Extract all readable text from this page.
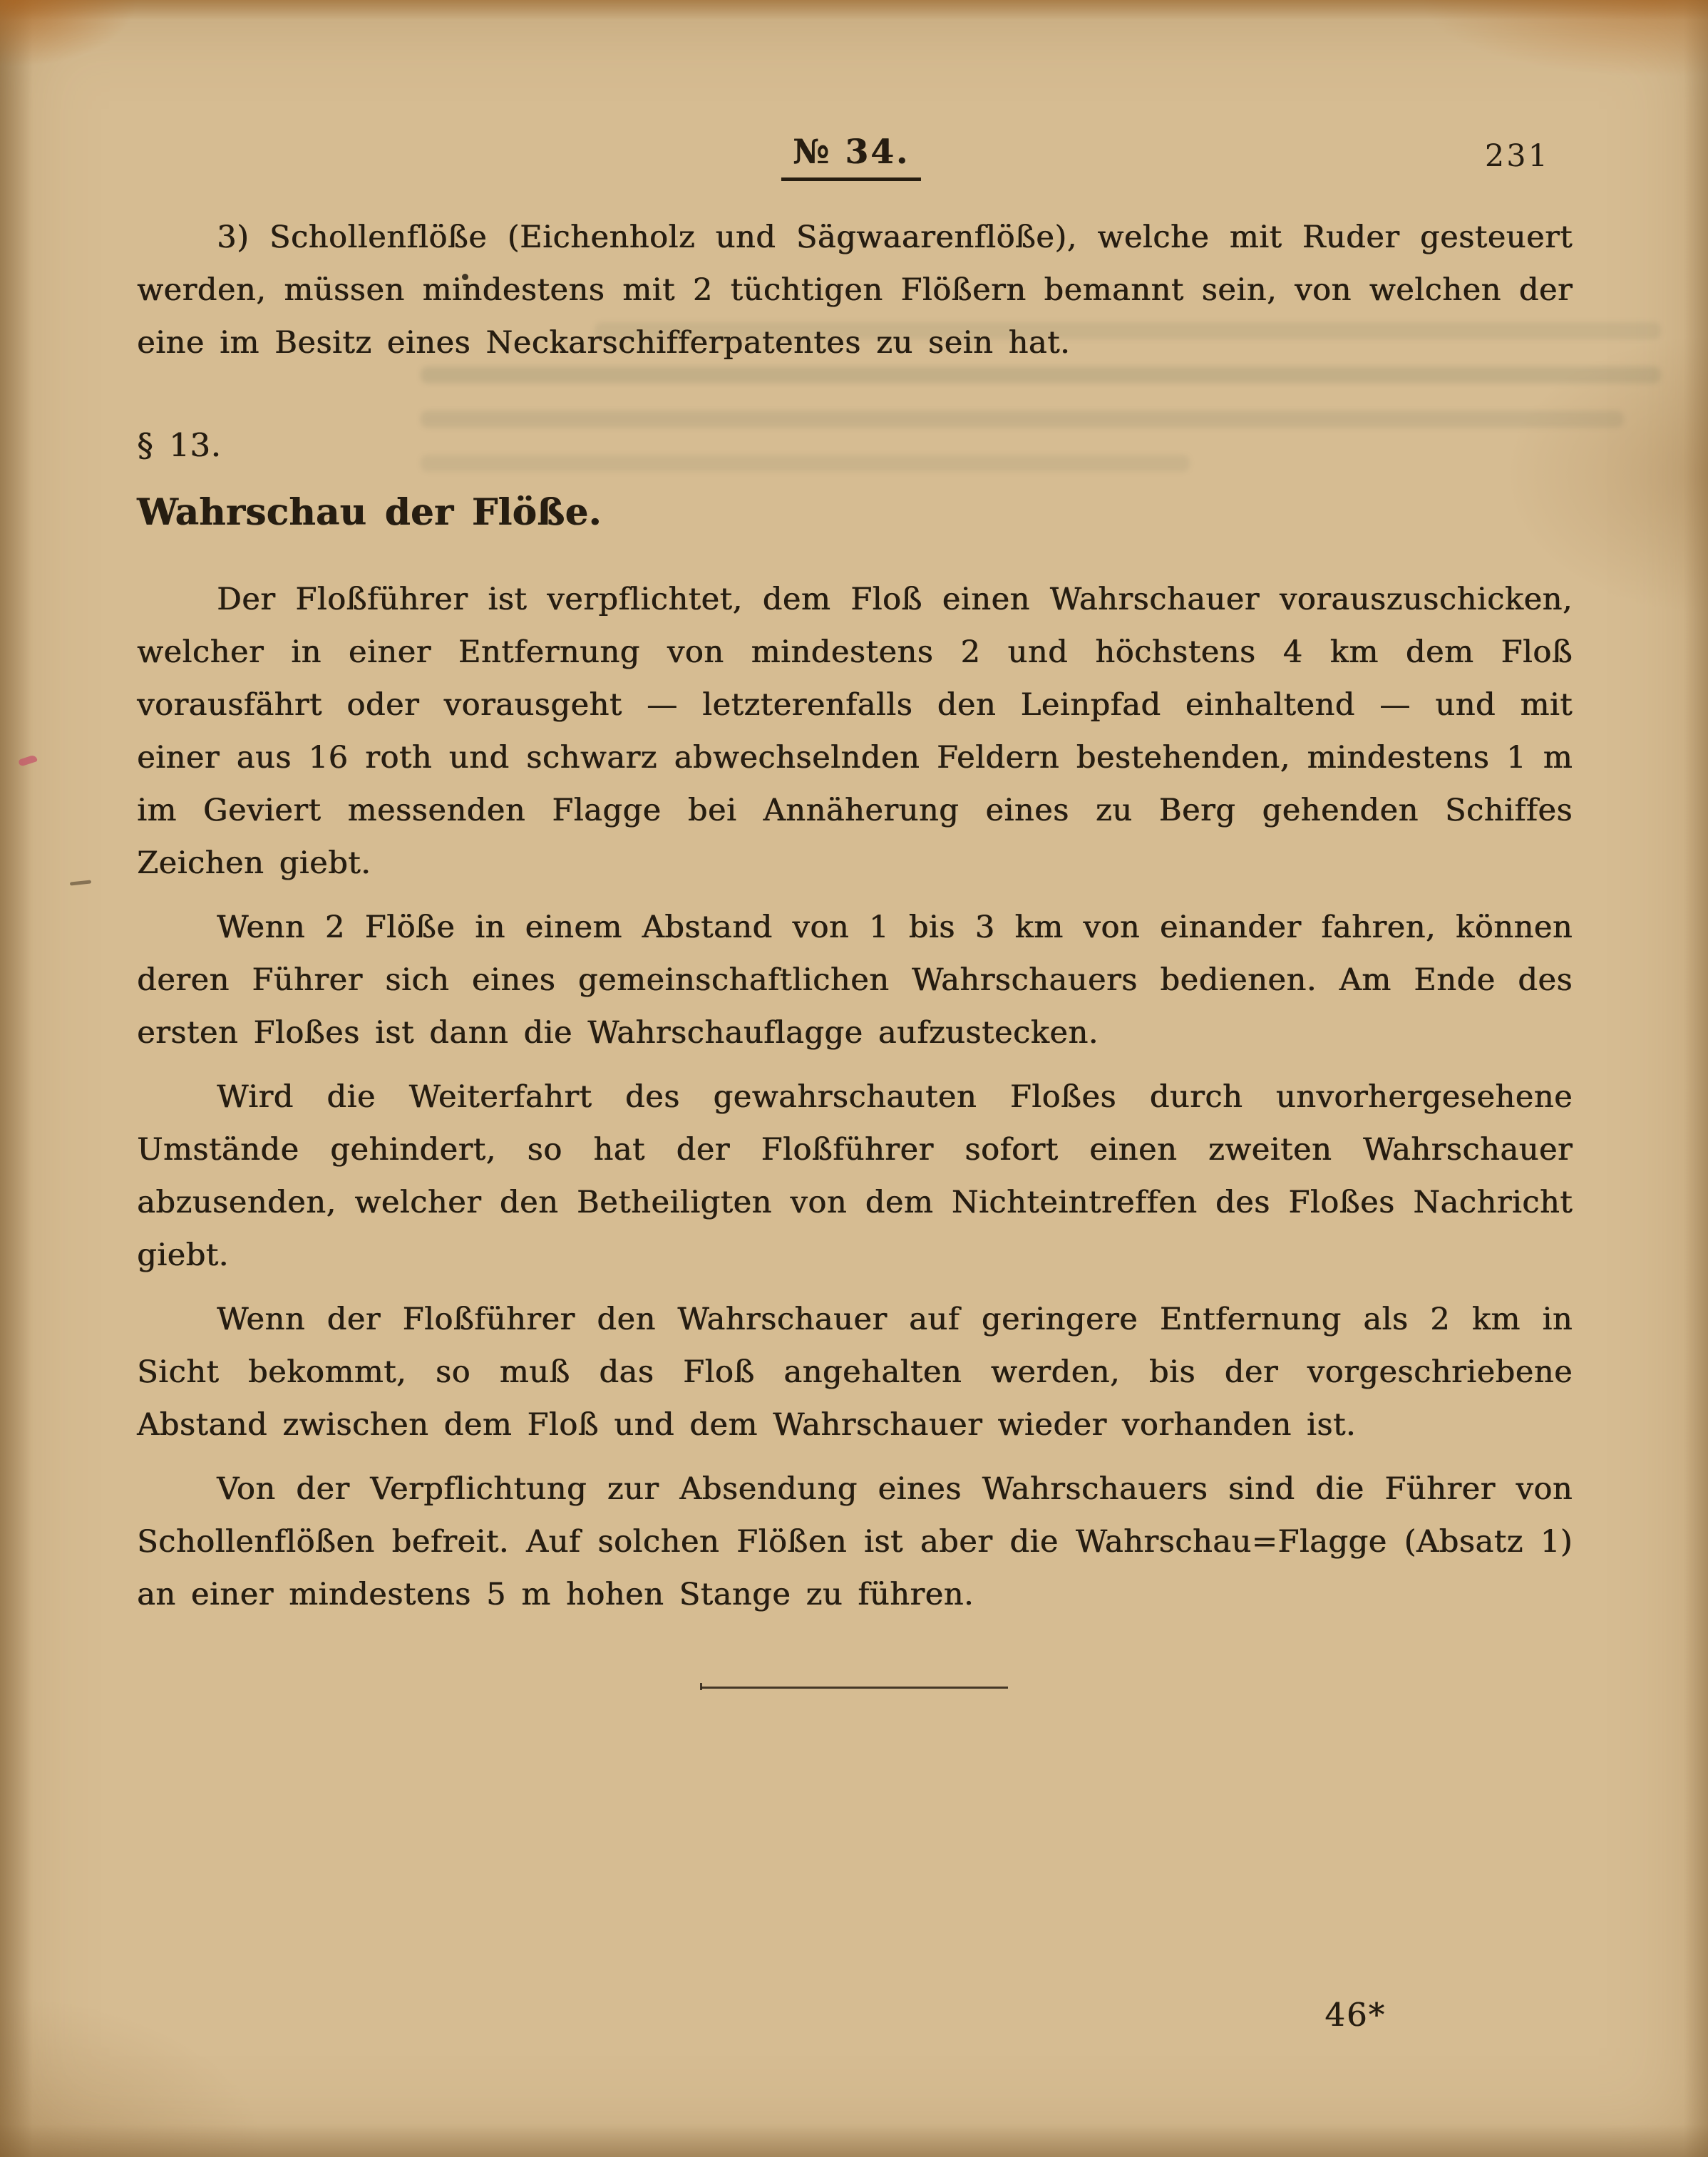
№ 34.	231

3) Schollenflöße (Eichenholz und Sägwaarenflöße), welche mit Ruder gesteuert werden, müssen mindestens mit 2 tüchtigen Flößern bemannt sein, von welchen der eine im Besitz eines Neckarschifferpatentes zu sein hat.

§ 13.

Wahrschau der Flöße.

Der Floßführer ist verpflichtet, dem Floß einen Wahrschauer vorauszuschicken, welcher in einer Entfernung von mindestens 2 und höchstens 4 km dem Floß vorausfährt oder vorausgeht — letzterenfalls den Leinpfad einhaltend — und mit einer aus 16 roth und schwarz abwechselnden Feldern bestehenden, mindestens 1 m im Geviert messenden Flagge bei Annäherung eines zu Berg gehenden Schiffes Zeichen giebt.

Wenn 2 Flöße in einem Abstand von 1 bis 3 km von einander fahren, können deren Führer sich eines gemeinschaftlichen Wahrschauers bedienen. Am Ende des ersten Floßes ist dann die Wahrschauflagge aufzustecken.

Wird die Weiterfahrt des gewahrschauten Floßes durch unvorhergesehene Umstände gehindert, so hat der Floßführer sofort einen zweiten Wahrschauer abzusenden, welcher den Betheiligten von dem Nichteintreffen des Floßes Nachricht giebt.

Wenn der Floßführer den Wahrschauer auf geringere Entfernung als 2 km in Sicht bekommt, so muß das Floß angehalten werden, bis der vorgeschriebene Abstand zwischen dem Floß und dem Wahrschauer wieder vorhanden ist.

Von der Verpflichtung zur Absendung eines Wahrschauers sind die Führer von Schollenflößen befreit. Auf solchen Flößen ist aber die Wahrschau=Flagge (Absatz 1) an einer mindestens 5 m hohen Stange zu führen.

46*
